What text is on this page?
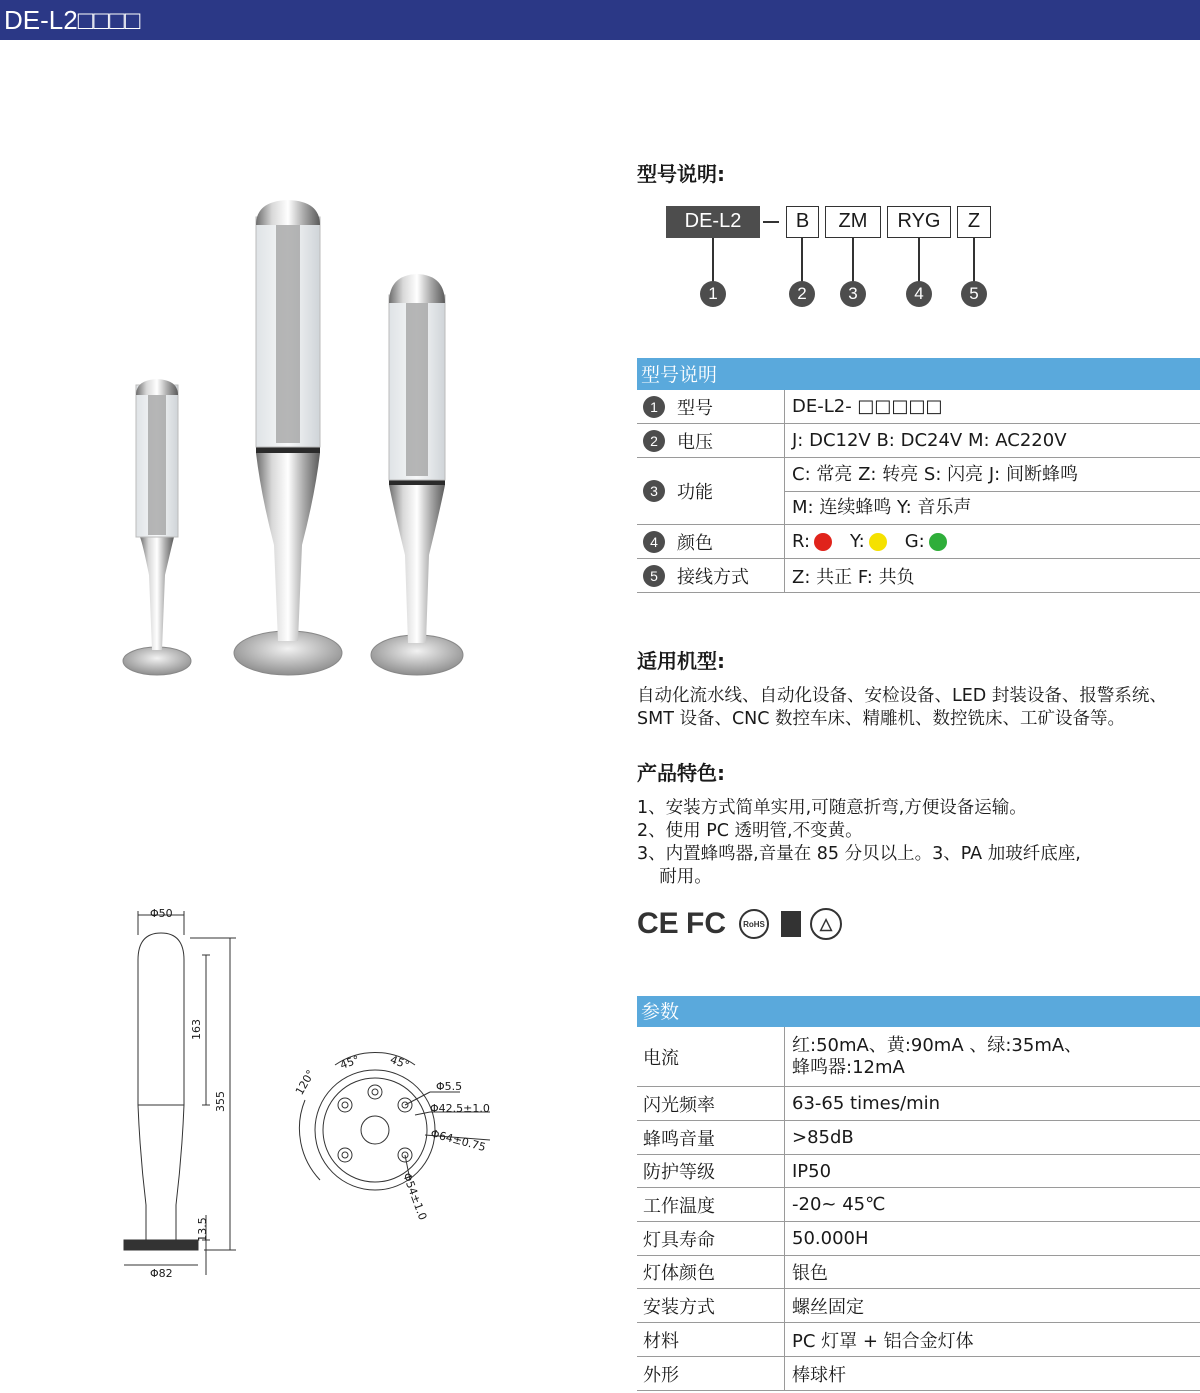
DE-L2□□□□
Φ50
Φ82
163
355
13.5
45° 45°
120°	Φ5.5
Φ42.5±1.0
Φ64±0.75
Φ54±1.0
型号说明:
DE-L2	B	ZM	RYG	Z
1	2	3	4	5
型号说明
1	型号	DE-L2- □□□□□
2	电压	J: DC12V B: DC24V M: AC220V
3	功能
C: 常亮 Z: 转亮 S: 闪亮 J: 间断蜂鸣
M: 连续蜂鸣 Y: 音乐声
4	颜色	R: Y: G:
5	接线方式 Z: 共正 F: 共负
适用机型:
自动化流水线、自动化设备、安检设备、LED 封装设备、报警系统、
SMT 设备、CNC 数控车床、精雕机、数控铣床、工矿设备等。
产品特色:
1、安装方式简单实用,可随意折弯,方便设备运输。
2、使用 PC 透明管,不变黄。
3、内置蜂鸣器,音量在 85 分贝以上。3、PA 加玻纤底座,
耐用。
CE FC	RoHS	△
参数
电流
红:50mA、黄:90mA 、绿:35mA、
蜂鸣器:12mA
闪光频率	63-65 times/min
蜂鸣音量	>85dB
防护等级	IP50
工作温度	-20~ 45℃
灯具寿命	50.000H
灯体颜色	银色
安装方式	螺丝固定
材料	PC 灯罩 + 铝合金灯体
外形	棒球杆
